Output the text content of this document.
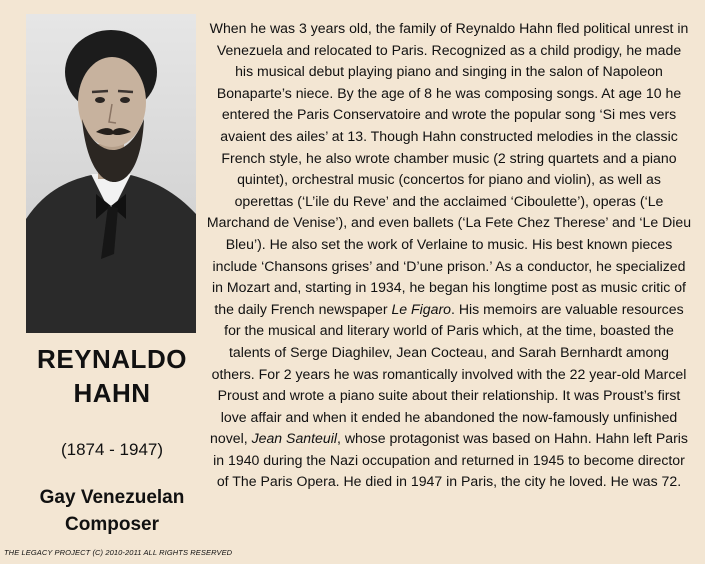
REYNALDO
HAHN
(1874 - 1947)
Gay Venezuelan
Composer
THE LEGACY PROJECT (C) 2010-2011 ALL RIGHTS RESERVED

When he was 3 years old, the family of Reynaldo Hahn fled political unrest in Venezuela and relocated to Paris. Recognized as a child prodigy, he made his musical debut playing piano and singing in the salon of Napoleon Bonaparte’s niece. By the age of 8 he was composing songs. At age 10 he entered the Paris Conservatoire and wrote the popular song ‘Si mes vers avaient des ailes’ at 13. Though Hahn constructed melodies in the classic French style, he also wrote chamber music (2 string quartets and a piano quintet), orchestral music (concertos for piano and violin), as well as operettas (‘L’ile du Reve’ and the acclaimed ‘Ciboulette’), operas (‘Le Marchand de Venise’), and even ballets (‘La Fete Chez Therese’ and ‘Le Dieu Bleu’). He also set the work of Verlaine to music. His best known pieces include ‘Chansons grises’ and ‘D’une prison.’ As a conductor, he specialized in Mozart and, starting in 1934, he began his longtime post as music critic of the daily French newspaper Le Figaro. His memoirs are valuable resources for the musical and literary world of Paris which, at the time, boasted the talents of Serge Diaghilev, Jean Cocteau, and Sarah Bernhardt among others. For 2 years he was romantically involved with the 22 year-old Marcel Proust and wrote a piano suite about their relationship. It was Proust’s first love affair and when it ended he abandoned the now-famously unfinished novel, Jean Santeuil, whose protagonist was based on Hahn. Hahn left Paris in 1940 during the Nazi occupation and returned in 1945 to become director of The Paris Opera. He died in 1947 in Paris, the city he loved. He was 72.
